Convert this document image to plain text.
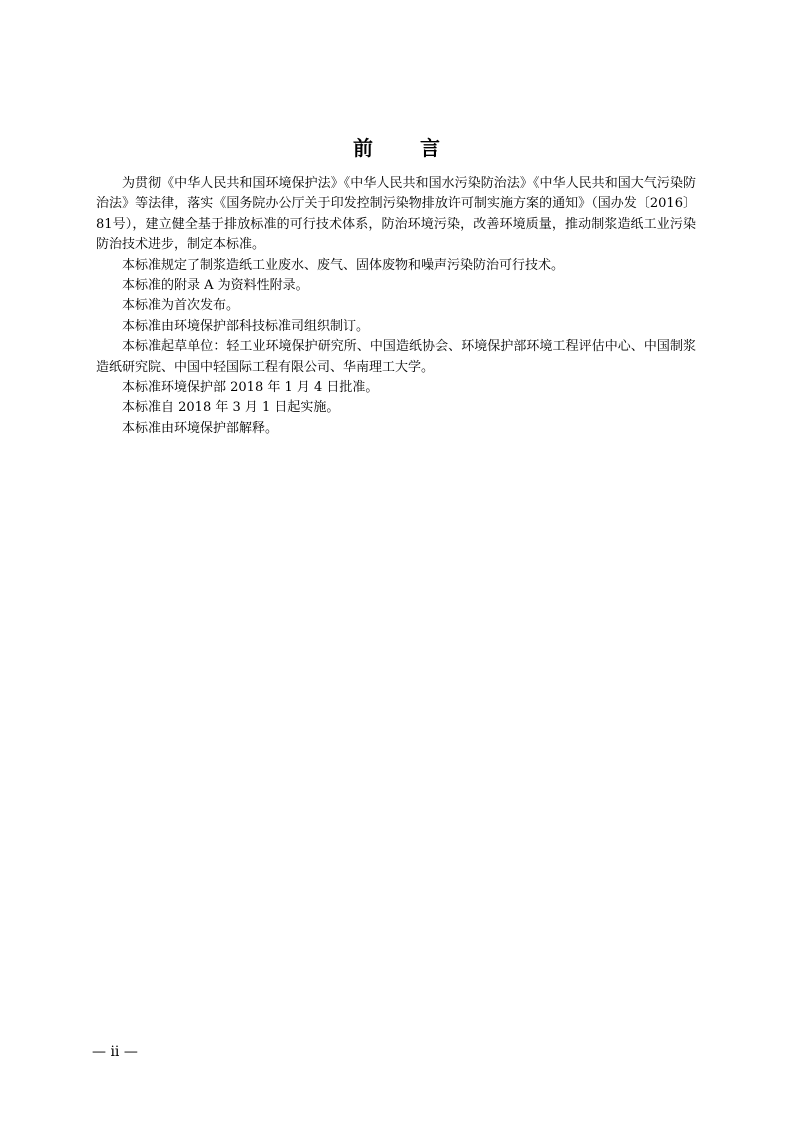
前 言

为贯彻《中华人民共和国环境保护法》《中华人民共和国水污染防治法》《中华人民共和国大气污染防治法》等法律，落实《国务院办公厅关于印发控制污染物排放许可制实施方案的通知》（国办发〔2016〕81号），建立健全基于排放标准的可行技术体系，防治环境污染，改善环境质量，推动制浆造纸工业污染防治技术进步，制定本标准。

本标准规定了制浆造纸工业废水、废气、固体废物和噪声污染防治可行技术。

本标准的附录 A 为资料性附录。

本标准为首次发布。

本标准由环境保护部科技标准司组织制订。

本标准起草单位：轻工业环境保护研究所、中国造纸协会、环境保护部环境工程评估中心、中国制浆造纸研究院、中国中轻国际工程有限公司、华南理工大学。

本标准环境保护部 2018 年 1 月 4 日批准。

本标准自 2018 年 3 月 1 日起实施。

本标准由环境保护部解释。

— ii —
